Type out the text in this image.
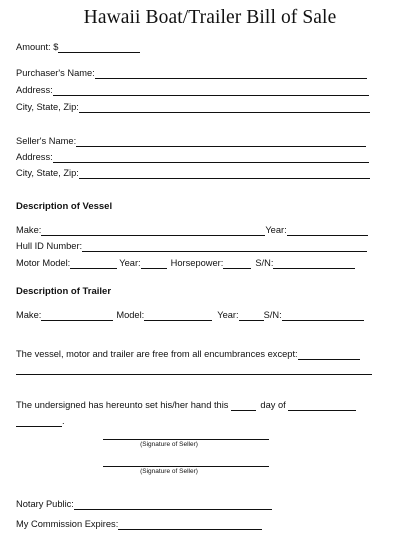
Hawaii Boat/Trailer Bill of Sale
Amount: $
Purchaser's Name:
Address:
City, State, Zip:
Seller's Name:
Address:
City, State, Zip:
Description of Vessel
Make:	Year:
Hull ID Number:
Motor Model:	Year:	Horsepower:	S/N:
Description of Trailer
Make:	Model:	Year:	S/N:
The vessel, motor and trailer are free from all encumbrances except:
The undersigned has hereunto set his/her hand this	day of
.
(Signature of Seller)
(Signature of Seller)
Notary Public:
My Commission Expires:
